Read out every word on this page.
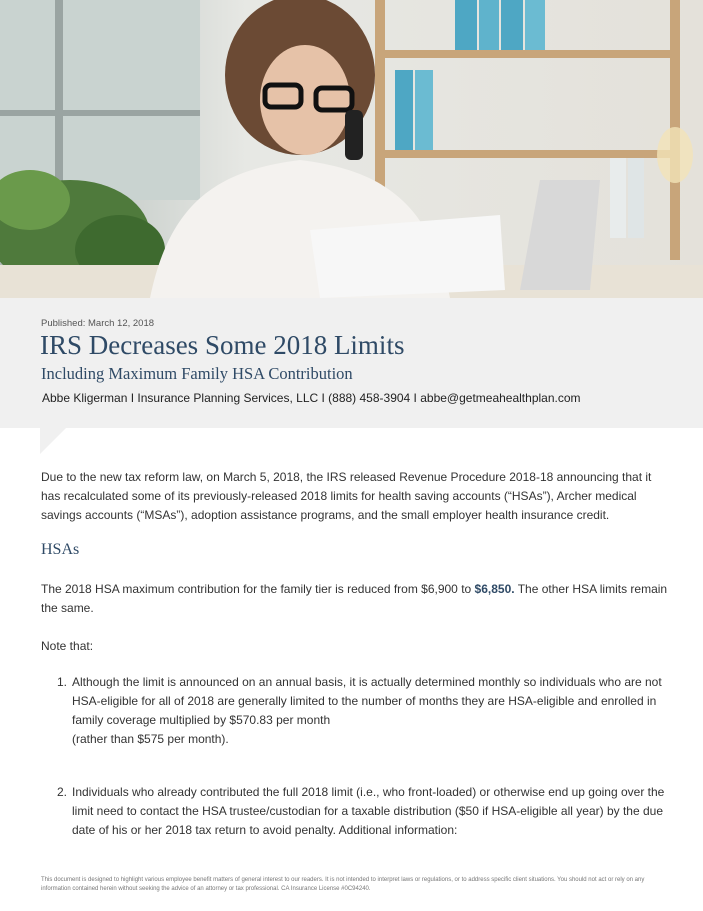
Published: March 12, 2018
IRS Decreases Some 2018 Limits
Including Maximum Family HSA Contribution
Abbe Kligerman I Insurance Planning Services, LLC I (888) 458-3904 I abbe@getmeahealthplan.com
Due to the new tax reform law, on March 5, 2018, the IRS released Revenue Procedure 2018-18 announcing that it has recalculated some of its previously-released 2018 limits for health saving accounts (“HSAs”), Archer medical savings accounts (“MSAs”), adoption assistance programs, and the small employer health insurance credit.
HSAs
The 2018 HSA maximum contribution for the family tier is reduced from $6,900 to $6,850. The other HSA limits remain the same.
Note that:
1. Although the limit is announced on an annual basis, it is actually determined monthly so individuals who are not HSA-eligible for all of 2018 are generally limited to the number of months they are HSA-eligible and enrolled in family coverage multiplied by $570.83 per month
(rather than $575 per month).
2. Individuals who already contributed the full 2018 limit (i.e., who front-loaded) or otherwise end up going over the limit need to contact the HSA trustee/custodian for a taxable distribution ($50 if HSA-eligible all year) by the due date of his or her 2018 tax return to avoid penalty. Additional information:
This document is designed to highlight various employee benefit matters of general interest to our readers. It is not intended to interpret laws or regulations, or to address specific client situations. You should not act or rely on any information contained herein without seeking the advice of an attorney or tax professional. CA Insurance License #0C94240.
